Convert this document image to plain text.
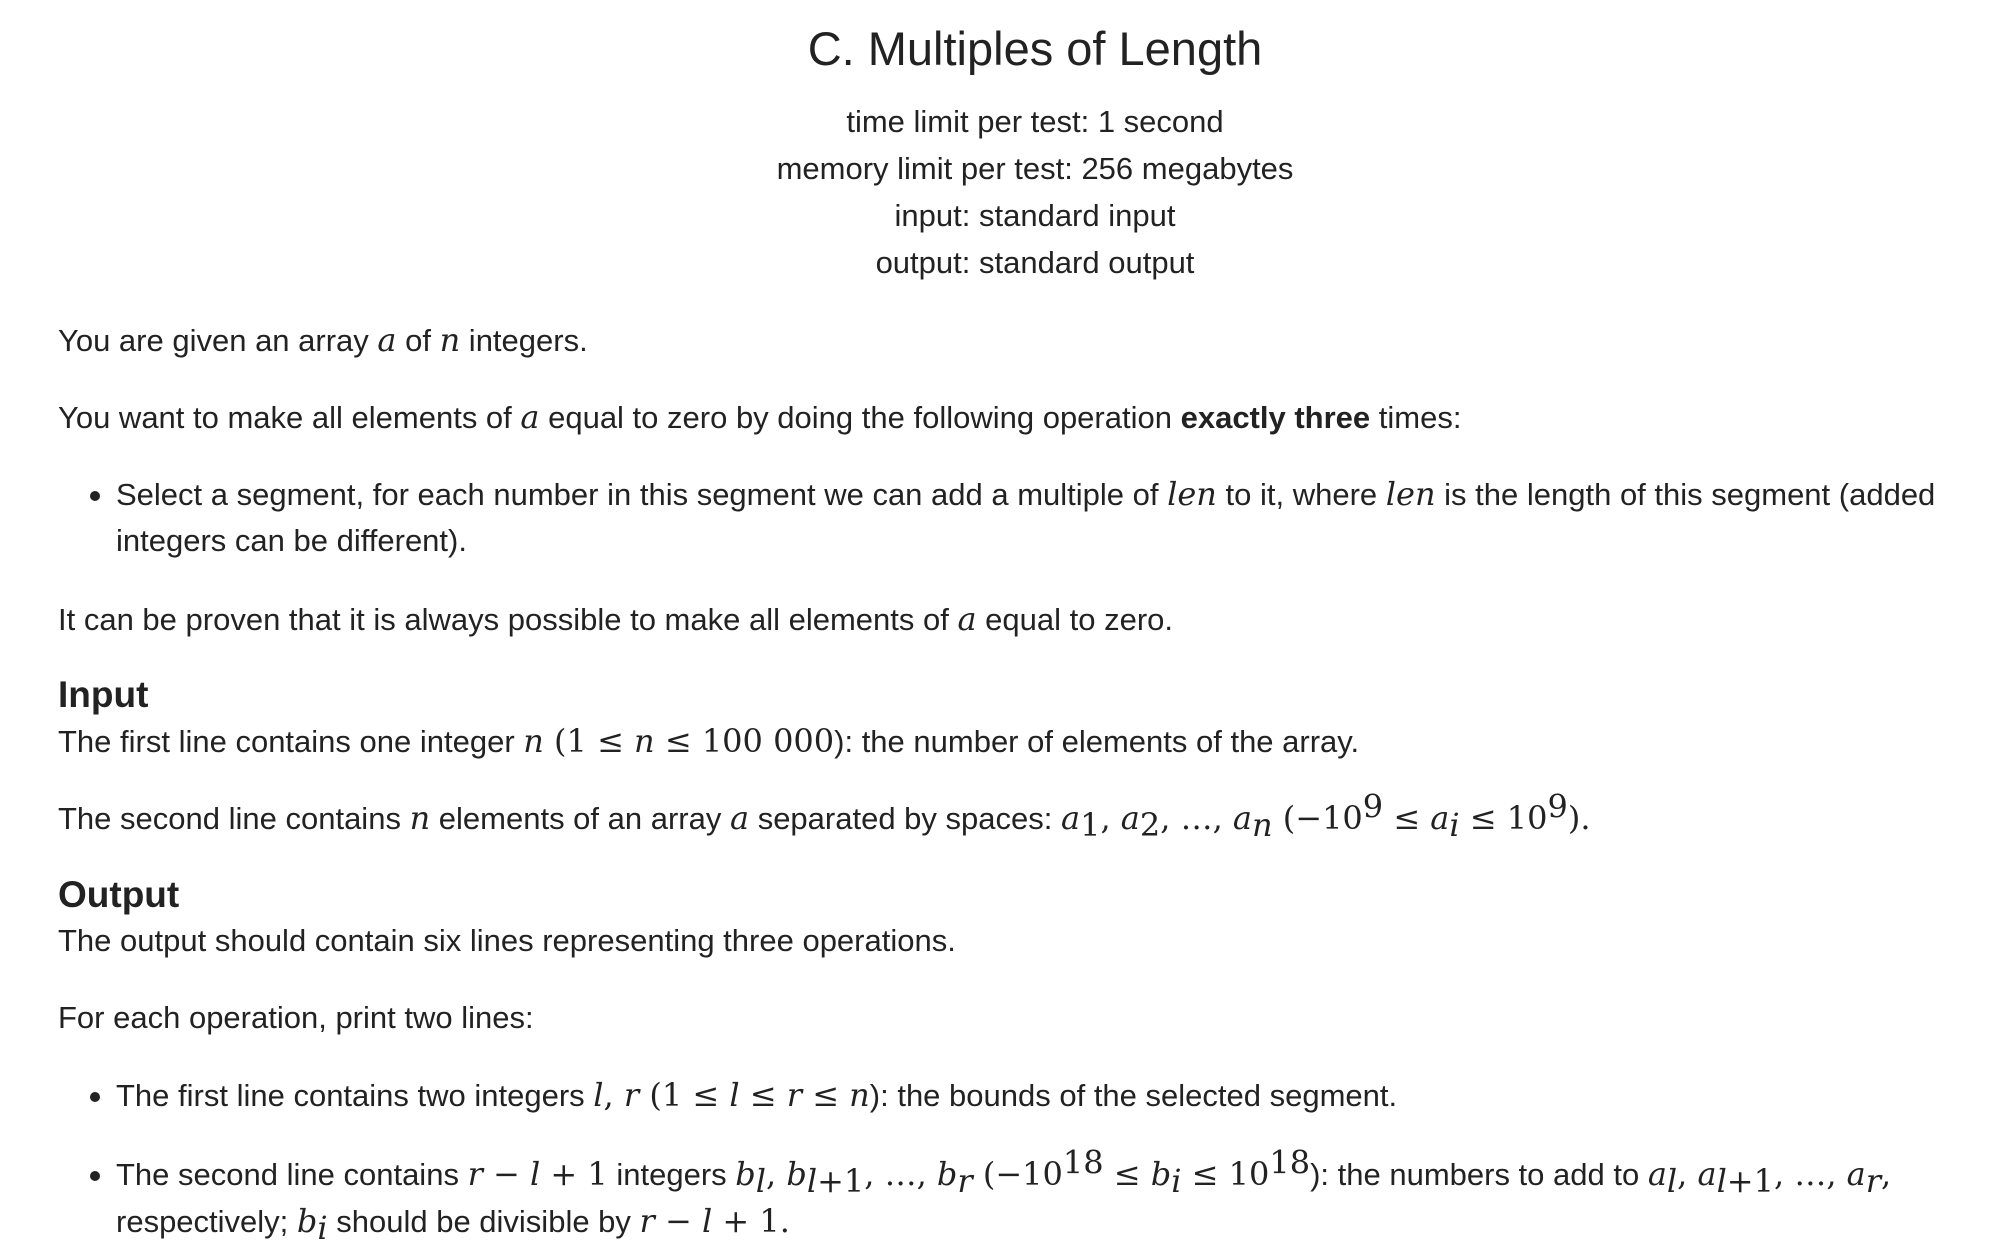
C. Multiples of Length
time limit per test: 1 second
memory limit per test: 256 megabytes
input: standard input
output: standard output
You are given an array a of n integers.
You want to make all elements of a equal to zero by doing the following operation exactly three times:
Select a segment, for each number in this segment we can add a multiple of len to it, where len is the length of this segment (added integers can be different).
It can be proven that it is always possible to make all elements of a equal to zero.
Input
The first line contains one integer n (1 ≤ n ≤ 100 000): the number of elements of the array.
The second line contains n elements of an array a separated by spaces: $a_1$, $a_2$, …, $a_n$ $(-10^9 \le a_i \le 10^9)$.
Output
The output should contain six lines representing three operations.
For each operation, print two lines:
The first line contains two integers l, r (1 ≤ l ≤ r ≤ n): the bounds of the selected segment.
The second line contains r − l + 1 integers $b_l$, $b_{l+1}$, …, $b_r$ $(-10^{18} \le b_i \le 10^{18})$: the numbers to add to $a_l$, $a_{l+1}$, …, $a_r$,
respectively; $b_i$ should be divisible by r − l + 1.
